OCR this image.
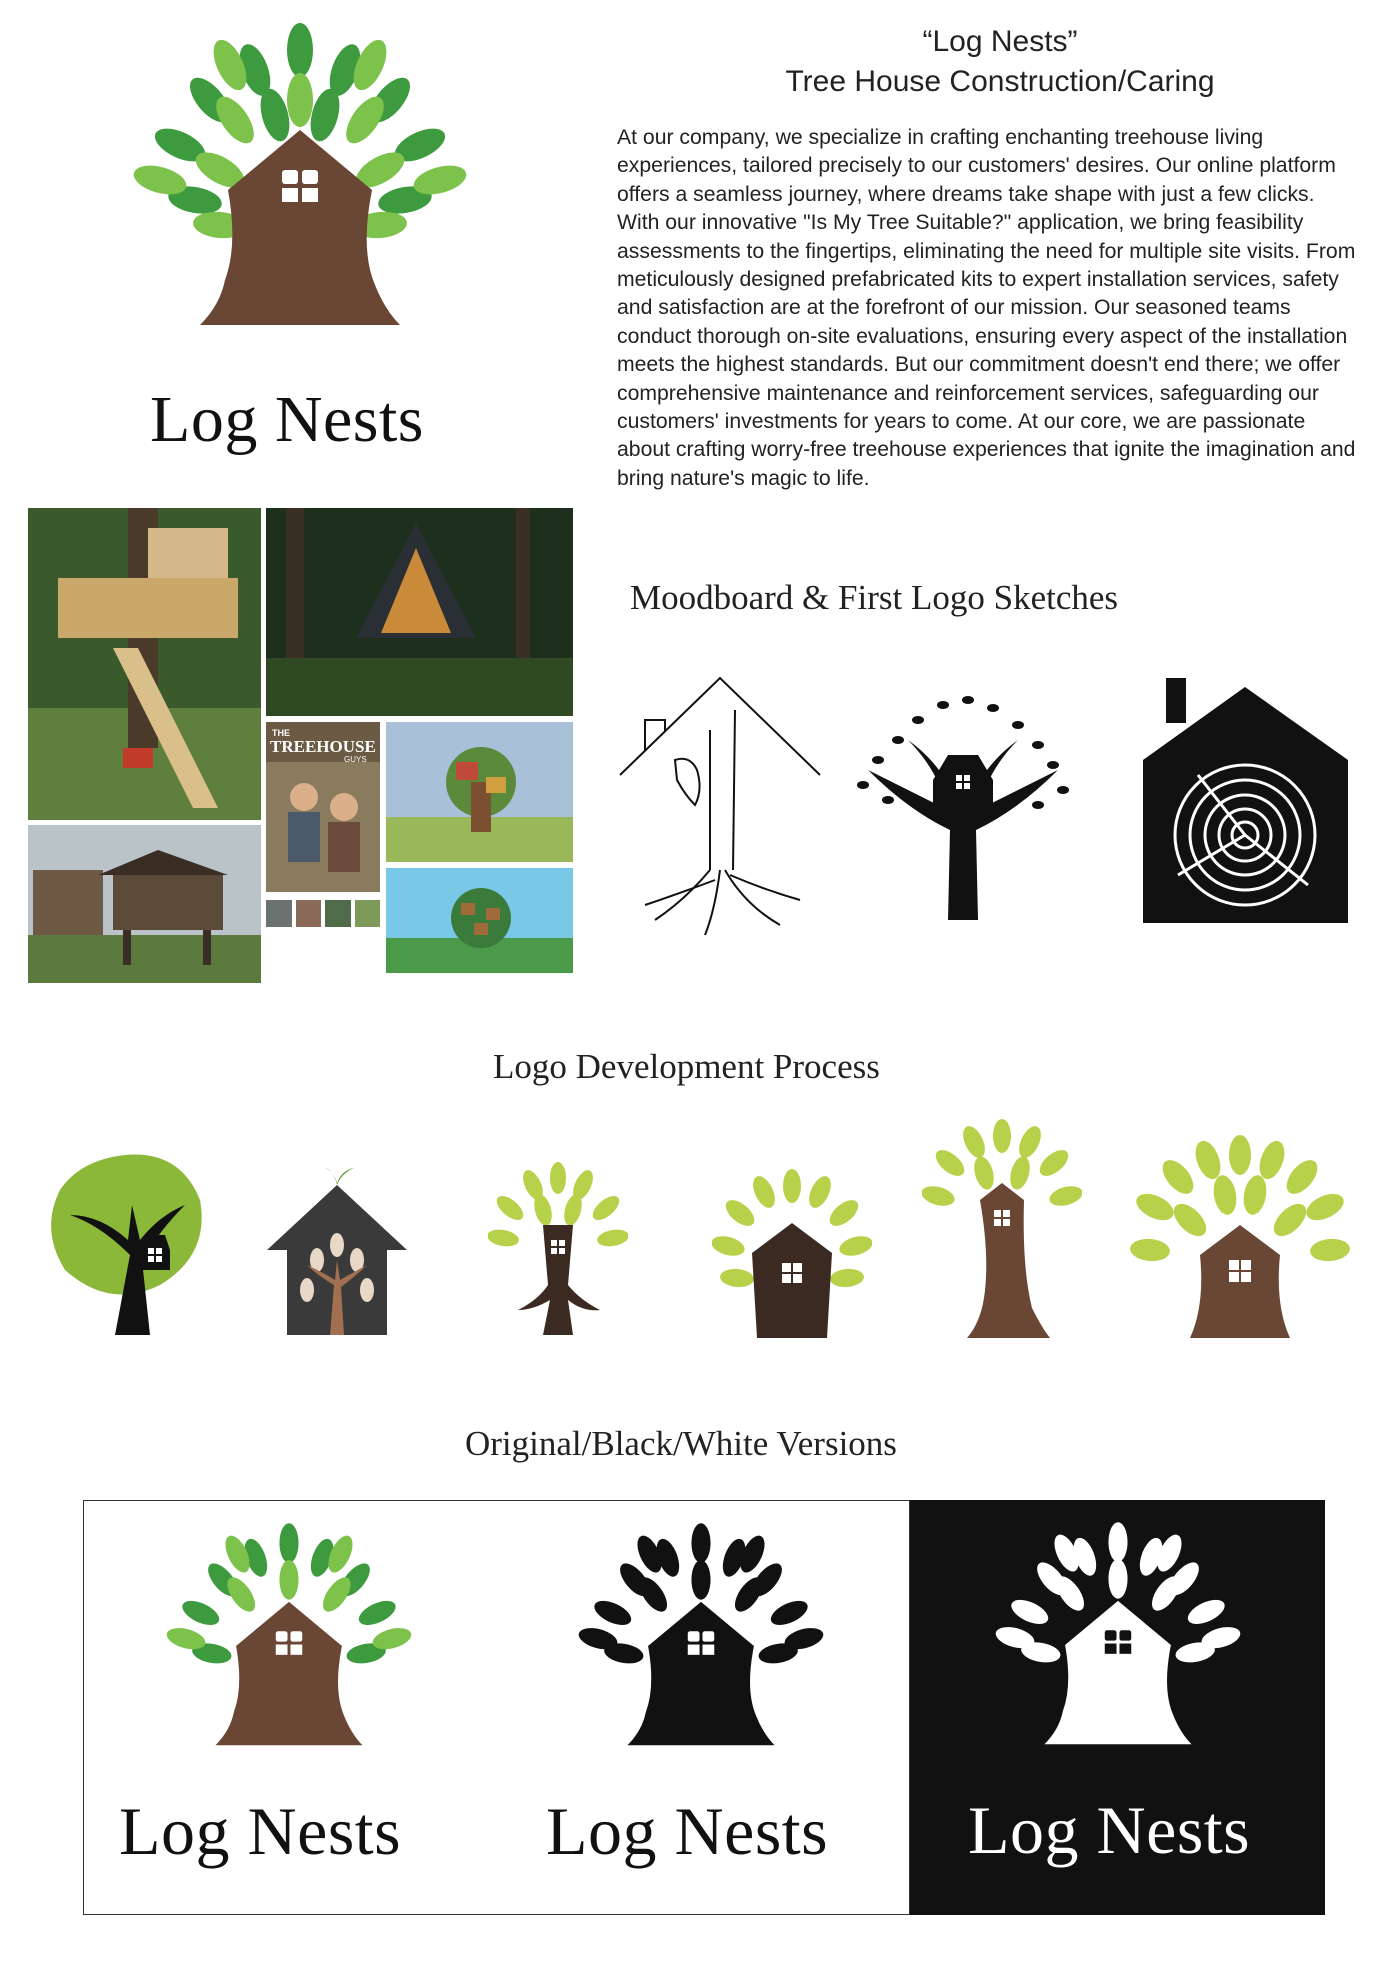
Log Nests
“Log Nests”
Tree House Construction/Caring
At our company, we specialize in crafting enchanting treehouse living experiences, tailored precisely to our customers' desires. Our online platform offers a seamless journey, where dreams take shape with just a few clicks. With our innovative "Is My Tree Suitable?" application, we bring feasibility assessments to the fingertips, eliminating the need for multiple site visits. From meticulously designed prefabricated kits to expert installation services, safety and satisfaction are at the forefront of our mission. Our seasoned teams conduct thorough on-site evaluations, ensuring every aspect of the installation meets the highest standards. But our commitment doesn't end there; we offer comprehensive maintenance and reinforcement services, safeguarding our customers' investments for years to come. At our core, we are passionate about crafting worry-free treehouse experiences that ignite the imagination and bring nature's magic to life.
THE
TREEHOUSE
GUYS
Moodboard & First Logo Sketches
Logo Development Process
Original/Black/White Versions
Log Nests Log Nests Log Nests
